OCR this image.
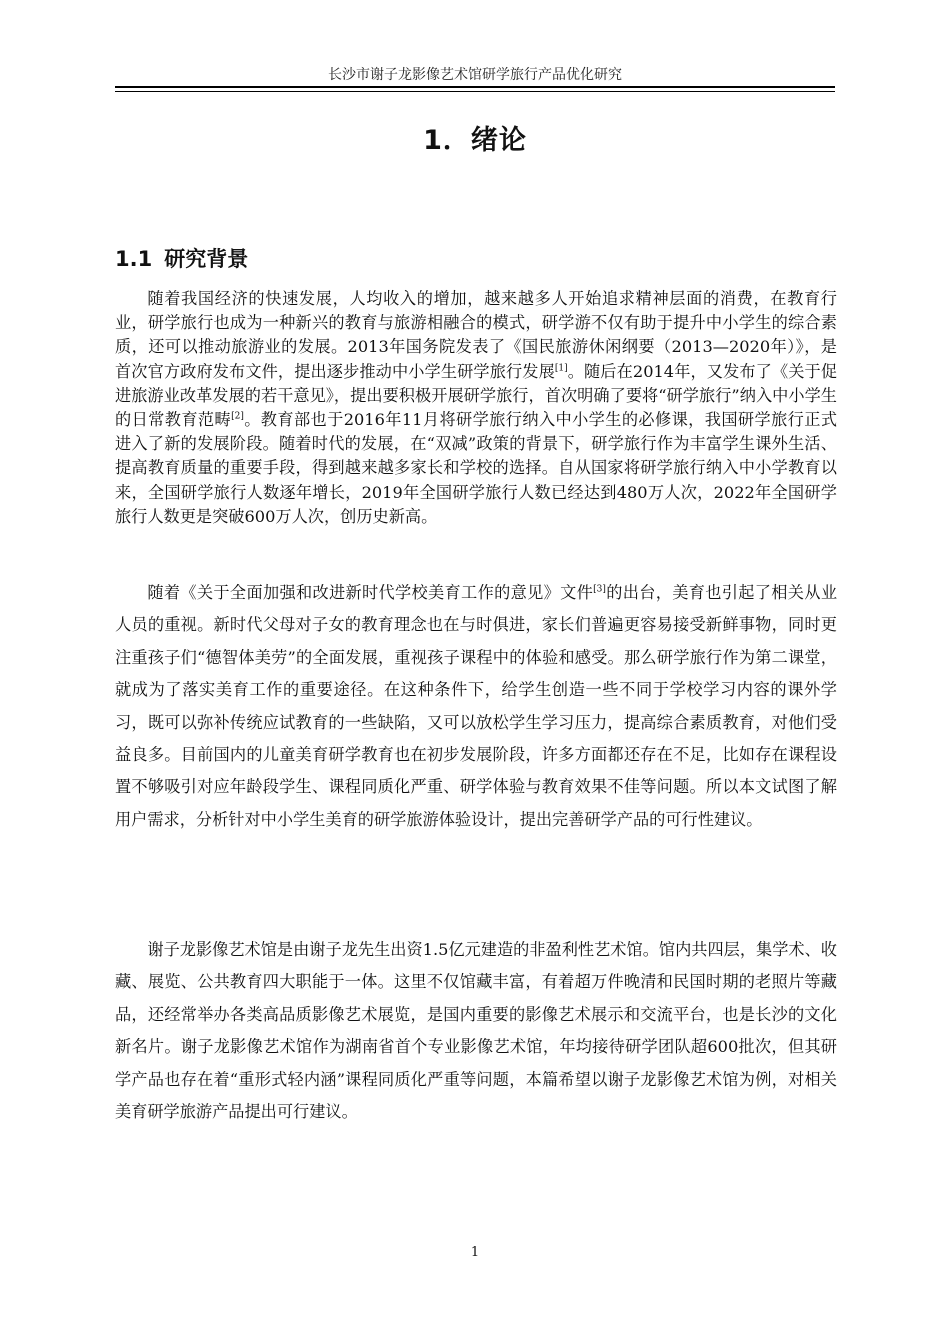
长沙市谢子龙影像艺术馆研学旅行产品优化研究
1．绪论
1.1 研究背景

随着我国经济的快速发展，人均收入的增加，越来越多人开始追求精神层面的消费，在教育行业，研学旅行也成为一种新兴的教育与旅游相融合的模式，研学游不仅有助于提升中小学生的综合素质，还可以推动旅游业的发展。2013年国务院发表了《国民旅游休闲纲要（2013—2020年）》，是首次官方政府发布文件，提出逐步推动中小学生研学旅行发展[1]。随后在2014年，又发布了《关于促进旅游业改革发展的若干意见》，提出要积极开展研学旅行，首次明确了要将“研学旅行”纳入中小学生的日常教育范畴[2]。教育部也于2016年11月将研学旅行纳入中小学生的必修课，我国研学旅行正式进入了新的发展阶段。随着时代的发展，在“双减”政策的背景下，研学旅行作为丰富学生课外生活、提高教育质量的重要手段，得到越来越多家长和学校的选择。自从国家将研学旅行纳入中小学教育以来，全国研学旅行人数逐年增长，2019年全国研学旅行人数已经达到480万人次，2022年全国研学旅行人数更是突破600万人次，创历史新高。

随着《关于全面加强和改进新时代学校美育工作的意见》文件[3]的出台，美育也引起了相关从业人员的重视。新时代父母对子女的教育理念也在与时俱进，家长们普遍更容易接受新鲜事物，同时更注重孩子们“德智体美劳”的全面发展，重视孩子课程中的体验和感受。那么研学旅行作为第二课堂，就成为了落实美育工作的重要途径。在这种条件下，给学生创造一些不同于学校学习内容的课外学习，既可以弥补传统应试教育的一些缺陷，又可以放松学生学习压力，提高综合素质教育，对他们受益良多。目前国内的儿童美育研学教育也在初步发展阶段，许多方面都还存在不足，比如存在课程设置不够吸引对应年龄段学生、课程同质化严重、研学体验与教育效果不佳等问题。所以本文试图了解用户需求，分析针对中小学生美育的研学旅游体验设计，提出完善研学产品的可行性建议。

谢子龙影像艺术馆是由谢子龙先生出资1.5亿元建造的非盈利性艺术馆。馆内共四层，集学术、收藏、展览、公共教育四大职能于一体。这里不仅馆藏丰富，有着超万件晚清和民国时期的老照片等藏品，还经常举办各类高品质影像艺术展览，是国内重要的影像艺术展示和交流平台，也是长沙的文化新名片。谢子龙影像艺术馆作为湖南省首个专业影像艺术馆，年均接待研学团队超600批次，但其研学产品也存在着“重形式轻内涵”课程同质化严重等问题，本篇希望以谢子龙影像艺术馆为例，对相关美育研学旅游产品提出可行建议。

1
